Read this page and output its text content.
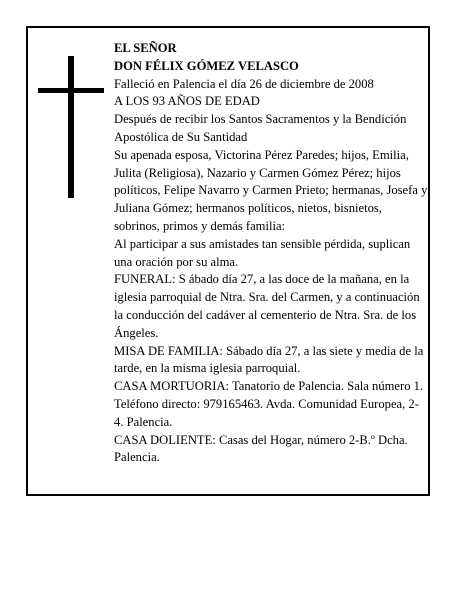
EL SEÑOR
DON FÉLIX GÓMEZ VELASCO
Falleció en Palencia el día 26 de diciembre de 2008
A LOS 93 AÑOS DE EDAD
Después de recibir los Santos Sacramentos y la Bendición Apostólica de Su Santidad
Su apenada esposa, Victorina Pérez Paredes; hijos, Emilia, Julita (Religiosa), Nazario y Carmen Gómez Pérez; hijos políticos, Felipe Navarro y Carmen Prieto; hermanas, Josefa y Juliana Gómez; hermanos políticos, nietos, bisnietos, sobrinos, primos y demás familia:
Al participar a sus amistades tan sensible pérdida, suplican una oración por su alma.
FUNERAL: S ábado día 27, a las doce de la mañana, en la iglesia parroquial de Ntra. Sra. del Carmen, y a continuación la conducción del cadáver al cementerio de Ntra. Sra. de los Ángeles.
MISA DE FAMILIA: Sábado día 27, a las siete y media de la tarde, en la misma iglesia parroquial.
CASA MORTUORIA: Tanatorio de Palencia. Sala número 1. Teléfono directo: 979165463. Avda. Comunidad Europea, 2-4. Palencia.
CASA DOLIENTE: Casas del Hogar, número 2-B.º Dcha. Palencia.
